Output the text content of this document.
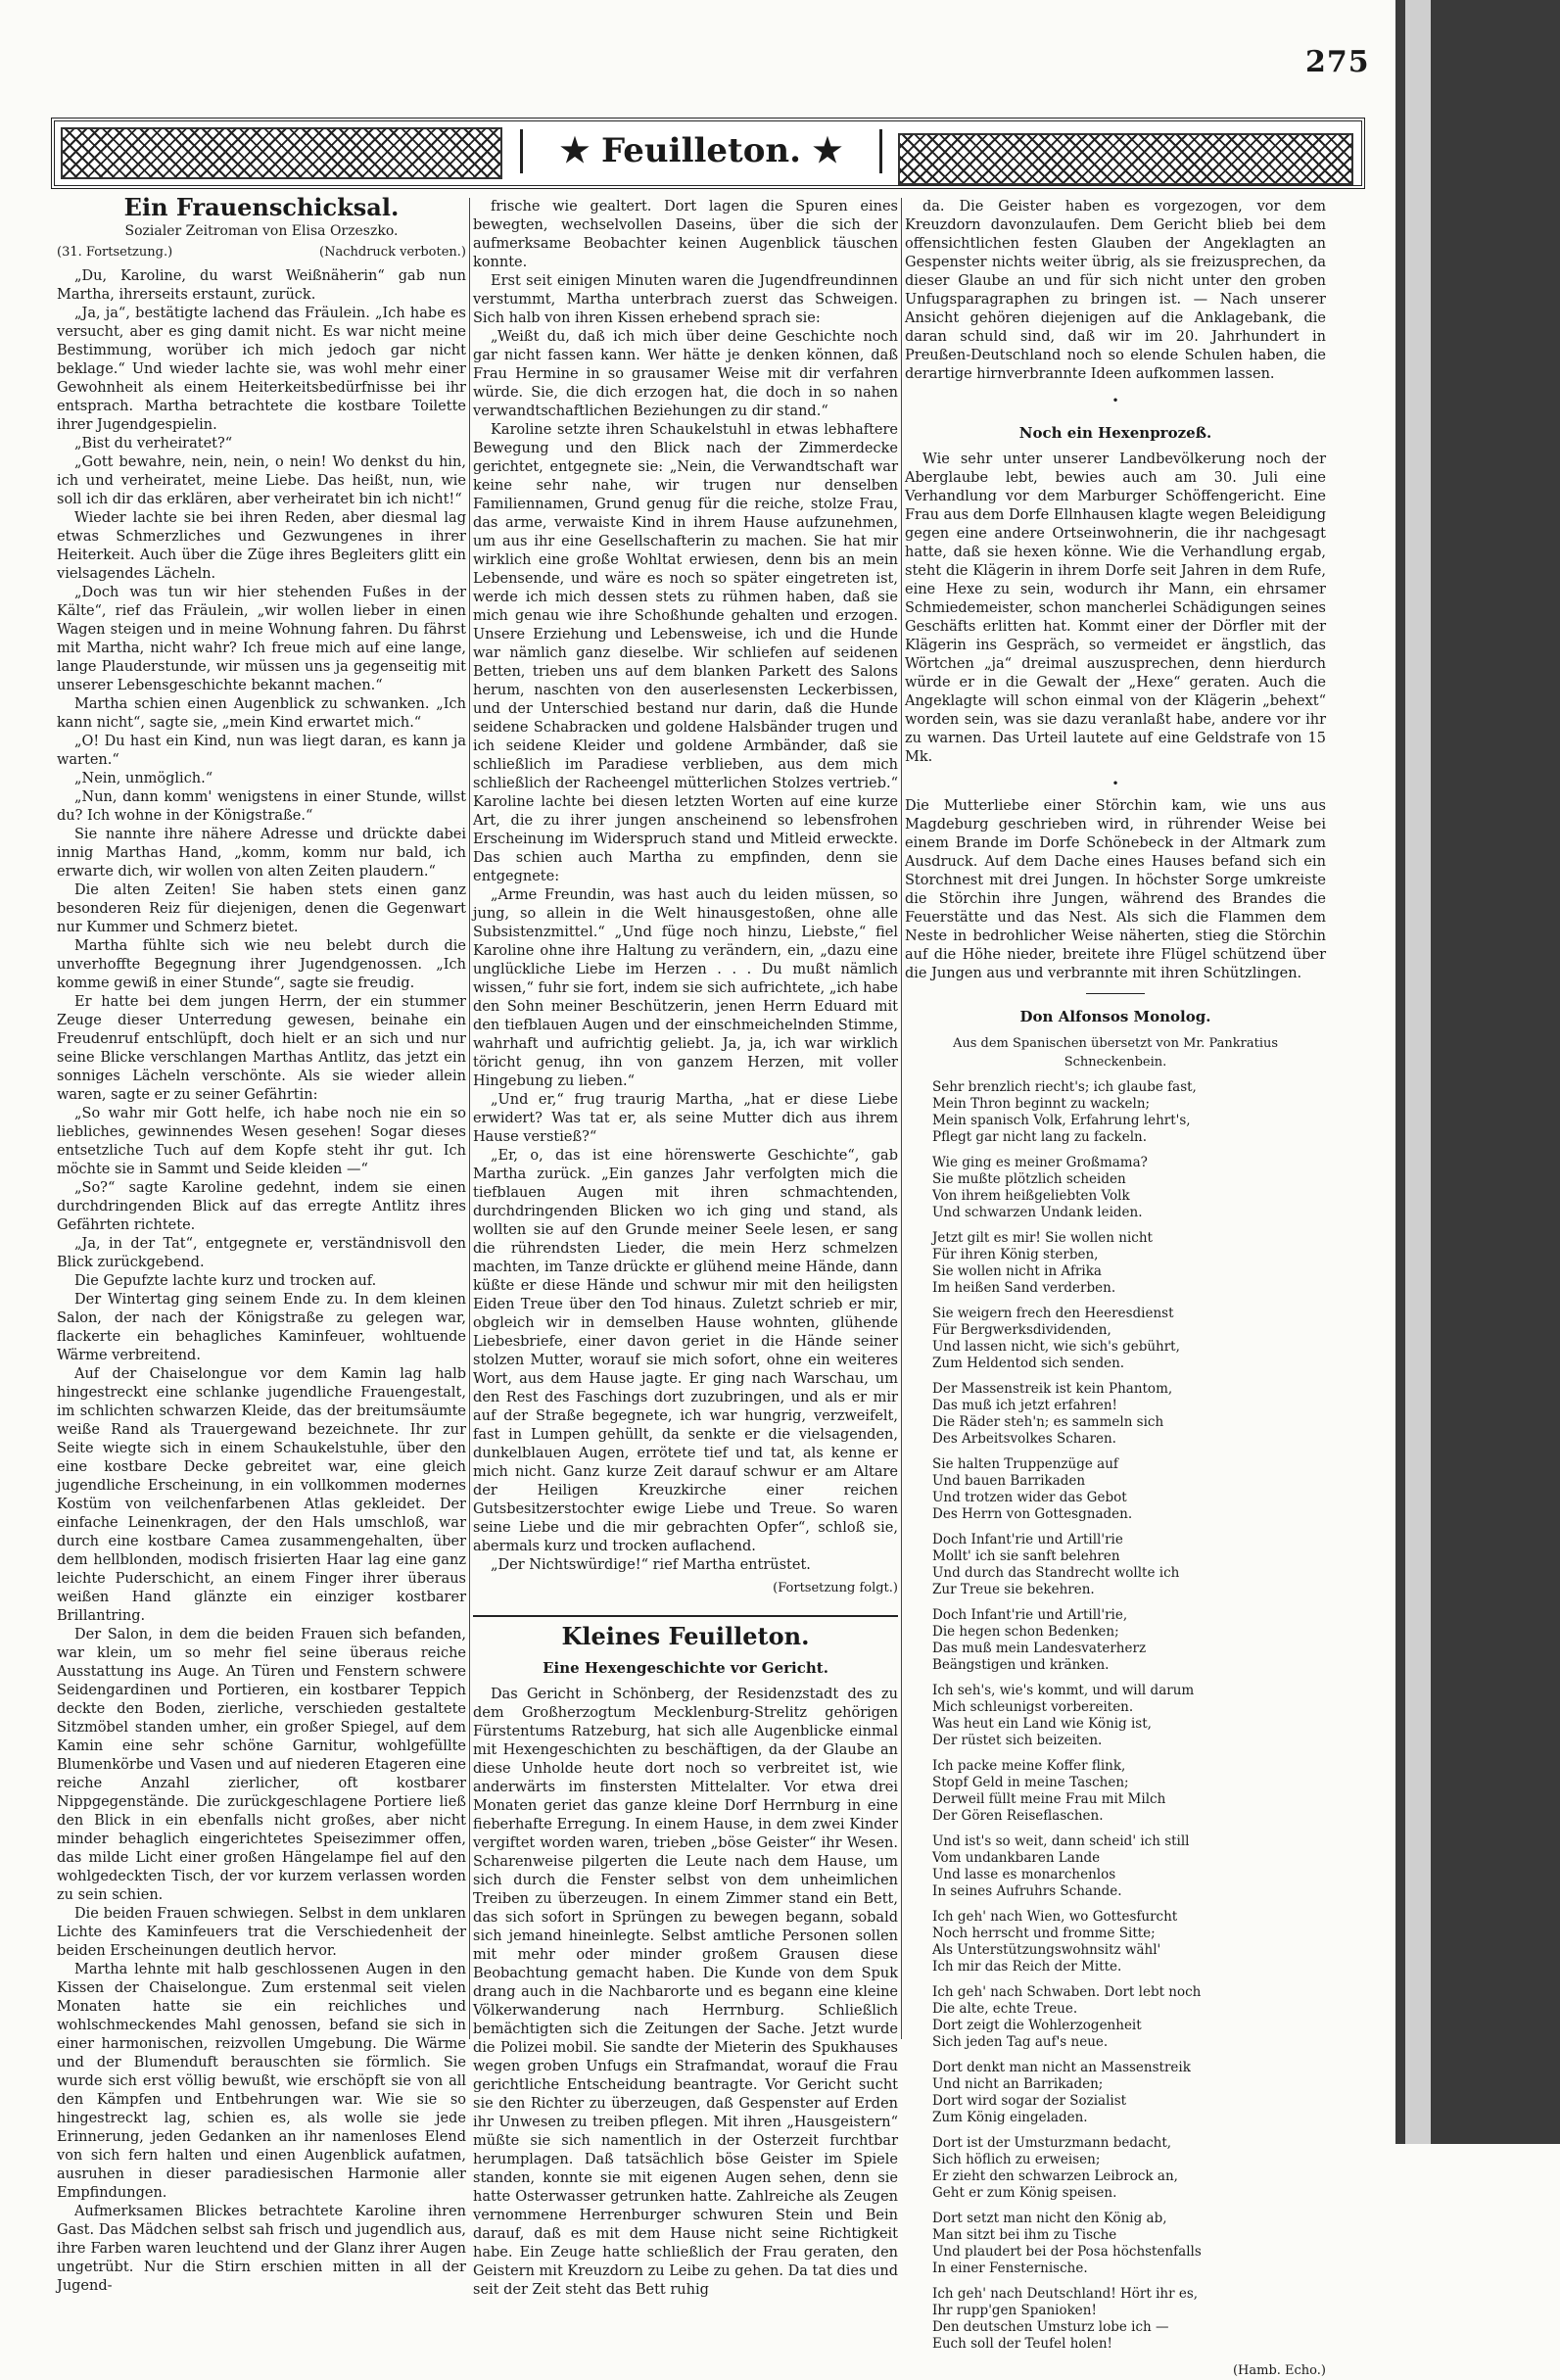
275
★ Feuilleton. ★
Ein Frauenschicksal.
Sozialer Zeitroman von Elisa Orzeszko.
(31. Fortsetzung.)	(Nachdruck verboten.)

„Du, Karoline, du warst Weißnäherin“ gab nun Martha, ihrerseits erstaunt, zurück.

„Ja, ja“, bestätigte lachend das Fräulein. „Ich habe es versucht, aber es ging damit nicht. Es war nicht meine Bestimmung, worüber ich mich jedoch gar nicht beklage.“ Und wieder lachte sie, was wohl mehr einer Gewohnheit als einem Heiterkeitsbedürfnisse bei ihr entsprach. Martha betrachtete die kostbare Toilette ihrer Jugendgespielin.

„Bist du verheiratet?“

„Gott bewahre, nein, nein, o nein! Wo denkst du hin, ich und verheiratet, meine Liebe. Das heißt, nun, wie soll ich dir das erklären, aber verheiratet bin ich nicht!“

Wieder lachte sie bei ihren Reden, aber diesmal lag etwas Schmerzliches und Gezwungenes in ihrer Heiterkeit. Auch über die Züge ihres Begleiters glitt ein vielsagendes Lächeln.

„Doch was tun wir hier stehenden Fußes in der Kälte“, rief das Fräulein, „wir wollen lieber in einen Wagen steigen und in meine Wohnung fahren. Du fährst mit Martha, nicht wahr? Ich freue mich auf eine lange, lange Plauderstunde, wir müssen uns ja gegenseitig mit unserer Lebensgeschichte bekannt machen.“

Martha schien einen Augenblick zu schwanken. „Ich kann nicht“, sagte sie, „mein Kind erwartet mich.“

„O! Du hast ein Kind, nun was liegt daran, es kann ja warten.“

„Nein, unmöglich.“

„Nun, dann komm' wenigstens in einer Stunde, willst du? Ich wohne in der Königstraße.“

Sie nannte ihre nähere Adresse und drückte dabei innig Marthas Hand, „komm, komm nur bald, ich erwarte dich, wir wollen von alten Zeiten plaudern.“

Die alten Zeiten! Sie haben stets einen ganz besonderen Reiz für diejenigen, denen die Gegenwart nur Kummer und Schmerz bietet.

Martha fühlte sich wie neu belebt durch die unverhoffte Begegnung ihrer Jugendgenossen. „Ich komme gewiß in einer Stunde“, sagte sie freudig.

Er hatte bei dem jungen Herrn, der ein stummer Zeuge dieser Unterredung gewesen, beinahe ein Freudenruf entschlüpft, doch hielt er an sich und nur seine Blicke verschlangen Marthas Antlitz, das jetzt ein sonniges Lächeln verschönte. Als sie wieder allein waren, sagte er zu seiner Gefährtin:

„So wahr mir Gott helfe, ich habe noch nie ein so liebliches, gewinnendes Wesen gesehen! Sogar dieses entsetzliche Tuch auf dem Kopfe steht ihr gut. Ich möchte sie in Sammt und Seide kleiden —“

„So?“ sagte Karoline gedehnt, indem sie einen durchdringenden Blick auf das erregte Antlitz ihres Gefährten richtete.

„Ja, in der Tat“, entgegnete er, verständnisvoll den Blick zurückgebend.

Die Gepufzte lachte kurz und trocken auf.

Der Wintertag ging seinem Ende zu. In dem kleinen Salon, der nach der Königstraße zu gelegen war, flackerte ein behagliches Kaminfeuer, wohltuende Wärme verbreitend.

Auf der Chaiselongue vor dem Kamin lag halb hingestreckt eine schlanke jugendliche Frauengestalt, im schlichten schwarzen Kleide, das der breitumsäumte weiße Rand als Trauergewand bezeichnete. Ihr zur Seite wiegte sich in einem Schaukelstuhle, über den eine kostbare Decke gebreitet war, eine gleich jugendliche Erscheinung, in ein vollkommen modernes Kostüm von veilchenfarbenen Atlas gekleidet. Der einfache Leinenkragen, der den Hals umschloß, war durch eine kostbare Camea zusammengehalten, über dem hellblonden, modisch frisierten Haar lag eine ganz leichte Puderschicht, an einem Finger ihrer überaus weißen Hand glänzte ein einziger kostbarer Brillantring.

Der Salon, in dem die beiden Frauen sich befanden, war klein, um so mehr fiel seine überaus reiche Ausstattung ins Auge. An Türen und Fenstern schwere Seidengardinen und Portieren, ein kostbarer Teppich deckte den Boden, zierliche, verschieden gestaltete Sitzmöbel standen umher, ein großer Spiegel, auf dem Kamin eine sehr schöne Garnitur, wohlgefüllte Blumenkörbe und Vasen und auf niederen Etageren eine reiche Anzahl zierlicher, oft kostbarer Nippgegenstände. Die zurückgeschlagene Portiere ließ den Blick in ein ebenfalls nicht großes, aber nicht minder behaglich eingerichtetes Speisezimmer offen, das milde Licht einer großen Hängelampe fiel auf den wohlgedeckten Tisch, der vor kurzem verlassen worden zu sein schien.

Die beiden Frauen schwiegen. Selbst in dem unklaren Lichte des Kaminfeuers trat die Verschiedenheit der beiden Erscheinungen deutlich hervor.

Martha lehnte mit halb geschlossenen Augen in den Kissen der Chaiselongue. Zum erstenmal seit vielen Monaten hatte sie ein reichliches und wohlschmeckendes Mahl genossen, befand sie sich in einer harmonischen, reizvollen Umgebung. Die Wärme und der Blumenduft berauschten sie förmlich. Sie wurde sich erst völlig bewußt, wie erschöpft sie von all den Kämpfen und Entbehrungen war. Wie sie so hingestreckt lag, schien es, als wolle sie jede Erinnerung, jeden Gedanken an ihr namenloses Elend von sich fern halten und einen Augenblick aufatmen, ausruhen in dieser paradiesischen Harmonie aller Empfindungen.

Aufmerksamen Blickes betrachtete Karoline ihren Gast. Das Mädchen selbst sah frisch und jugendlich aus, ihre Farben waren leuchtend und der Glanz ihrer Augen ungetrübt. Nur die Stirn erschien mitten in all der Jugend-

frische wie gealtert. Dort lagen die Spuren eines bewegten, wechselvollen Daseins, über die sich der aufmerksame Beobachter keinen Augenblick täuschen konnte.

Erst seit einigen Minuten waren die Jugendfreundinnen verstummt, Martha unterbrach zuerst das Schweigen. Sich halb von ihren Kissen erhebend sprach sie:

„Weißt du, daß ich mich über deine Geschichte noch gar nicht fassen kann. Wer hätte je denken können, daß Frau Hermine in so grausamer Weise mit dir verfahren würde. Sie, die dich erzogen hat, die doch in so nahen verwandtschaftlichen Beziehungen zu dir stand.“

Karoline setzte ihren Schaukelstuhl in etwas lebhaftere Bewegung und den Blick nach der Zimmerdecke gerichtet, entgegnete sie: „Nein, die Verwandtschaft war keine sehr nahe, wir trugen nur denselben Familiennamen, Grund genug für die reiche, stolze Frau, das arme, verwaiste Kind in ihrem Hause aufzunehmen, um aus ihr eine Gesellschafterin zu machen. Sie hat mir wirklich eine große Wohltat erwiesen, denn bis an mein Lebensende, und wäre es noch so später eingetreten ist, werde ich mich dessen stets zu rühmen haben, daß sie mich genau wie ihre Schoßhunde gehalten und erzogen. Unsere Erziehung und Lebensweise, ich und die Hunde war nämlich ganz dieselbe. Wir schliefen auf seidenen Betten, trieben uns auf dem blanken Parkett des Salons herum, naschten von den auserlesensten Leckerbissen, und der Unterschied bestand nur darin, daß die Hunde seidene Schabracken und goldene Halsbänder trugen und ich seidene Kleider und goldene Armbänder, daß sie schließlich im Paradiese verblieben, aus dem mich schließlich der Racheengel mütterlichen Stolzes vertrieb.“ Karoline lachte bei diesen letzten Worten auf eine kurze Art, die zu ihrer jungen anscheinend so lebensfrohen Erscheinung im Widerspruch stand und Mitleid erweckte. Das schien auch Martha zu empfinden, denn sie entgegnete:

„Arme Freundin, was hast auch du leiden müssen, so jung, so allein in die Welt hinausgestoßen, ohne alle Subsistenzmittel.“ „Und füge noch hinzu, Liebste,“ fiel Karoline ohne ihre Haltung zu verändern, ein, „dazu eine unglückliche Liebe im Herzen . . . Du mußt nämlich wissen,“ fuhr sie fort, indem sie sich aufrichtete, „ich habe den Sohn meiner Beschützerin, jenen Herrn Eduard mit den tiefblauen Augen und der einschmeichelnden Stimme, wahrhaft und aufrichtig geliebt. Ja, ja, ich war wirklich töricht genug, ihn von ganzem Herzen, mit voller Hingebung zu lieben.“

„Und er,“ frug traurig Martha, „hat er diese Liebe erwidert? Was tat er, als seine Mutter dich aus ihrem Hause verstieß?“

„Er, o, das ist eine hörenswerte Geschichte“, gab Martha zurück. „Ein ganzes Jahr verfolgten mich die tiefblauen Augen mit ihren schmachtenden, durchdringenden Blicken wo ich ging und stand, als wollten sie auf den Grunde meiner Seele lesen, er sang die rührendsten Lieder, die mein Herz schmelzen machten, im Tanze drückte er glühend meine Hände, dann küßte er diese Hände und schwur mir mit den heiligsten Eiden Treue über den Tod hinaus. Zuletzt schrieb er mir, obgleich wir in demselben Hause wohnten, glühende Liebesbriefe, einer davon geriet in die Hände seiner stolzen Mutter, worauf sie mich sofort, ohne ein weiteres Wort, aus dem Hause jagte. Er ging nach Warschau, um den Rest des Faschings dort zuzubringen, und als er mir auf der Straße begegnete, ich war hungrig, verzweifelt, fast in Lumpen gehüllt, da senkte er die vielsagenden, dunkelblauen Augen, errötete tief und tat, als kenne er mich nicht. Ganz kurze Zeit darauf schwur er am Altare der Heiligen Kreuzkirche einer reichen Gutsbesitzerstochter ewige Liebe und Treue. So waren seine Liebe und die mir gebrachten Opfer“, schloß sie, abermals kurz und trocken auflachend.

„Der Nichtswürdige!“ rief Martha entrüstet.

(Fortsetzung folgt.)
Kleines Feuilleton.
Eine Hexengeschichte vor Gericht.

Das Gericht in Schönberg, der Residenzstadt des zu dem Großherzogtum Mecklenburg-Strelitz gehörigen Fürstentums Ratzeburg, hat sich alle Augenblicke einmal mit Hexengeschichten zu beschäftigen, da der Glaube an diese Unholde heute dort noch so verbreitet ist, wie anderwärts im finstersten Mittelalter. Vor etwa drei Monaten geriet das ganze kleine Dorf Herrnburg in eine fieberhafte Erregung. In einem Hause, in dem zwei Kinder vergiftet worden waren, trieben „böse Geister“ ihr Wesen. Scharenweise pilgerten die Leute nach dem Hause, um sich durch die Fenster selbst von dem unheimlichen Treiben zu überzeugen. In einem Zimmer stand ein Bett, das sich sofort in Sprüngen zu bewegen begann, sobald sich jemand hineinlegte. Selbst amtliche Personen sollen mit mehr oder minder großem Grausen diese Beobachtung gemacht haben. Die Kunde von dem Spuk drang auch in die Nachbarorte und es begann eine kleine Völkerwanderung nach Herrnburg. Schließlich bemächtigten sich die Zeitungen der Sache. Jetzt wurde die Polizei mobil. Sie sandte der Mieterin des Spukhauses wegen groben Unfugs ein Strafmandat, worauf die Frau gerichtliche Entscheidung beantragte. Vor Gericht sucht sie den Richter zu überzeugen, daß Gespenster auf Erden ihr Unwesen zu treiben pflegen. Mit ihren „Hausgeistern“ müßte sie sich namentlich in der Osterzeit furchtbar herumplagen. Daß tatsächlich böse Geister im Spiele standen, konnte sie mit eigenen Augen sehen, denn sie hatte Osterwasser getrunken hatte. Zahlreiche als Zeugen vernommene Herrenburger schwuren Stein und Bein darauf, daß es mit dem Hause nicht seine Richtigkeit habe. Ein Zeuge hatte schließlich der Frau geraten, den Geistern mit Kreuzdorn zu Leibe zu gehen. Da tat dies und seit der Zeit steht das Bett ruhig

da. Die Geister haben es vorgezogen, vor dem Kreuzdorn davonzulaufen. Dem Gericht blieb bei dem offensichtlichen festen Glauben der Angeklagten an Gespenster nichts weiter übrig, als sie freizusprechen, da dieser Glaube an und für sich nicht unter den groben Unfugsparagraphen zu bringen ist. — Nach unserer Ansicht gehören diejenigen auf die Anklagebank, die daran schuld sind, daß wir im 20. Jahrhundert in Preußen-Deutschland noch so elende Schulen haben, die derartige hirnverbrannte Ideen aufkommen lassen.

•
Noch ein Hexenprozeß.

Wie sehr unter unserer Landbevölkerung noch der Aberglaube lebt, bewies auch am 30. Juli eine Verhandlung vor dem Marburger Schöffengericht. Eine Frau aus dem Dorfe Ellnhausen klagte wegen Beleidigung gegen eine andere Ortseinwohnerin, die ihr nachgesagt hatte, daß sie hexen könne. Wie die Verhandlung ergab, steht die Klägerin in ihrem Dorfe seit Jahren in dem Rufe, eine Hexe zu sein, wodurch ihr Mann, ein ehrsamer Schmiedemeister, schon mancherlei Schädigungen seines Geschäfts erlitten hat. Kommt einer der Dörfler mit der Klägerin ins Gespräch, so vermeidet er ängstlich, das Wörtchen „ja“ dreimal auszusprechen, denn hierdurch würde er in die Gewalt der „Hexe“ geraten. Auch die Angeklagte will schon einmal von der Klägerin „behext“ worden sein, was sie dazu veranlaßt habe, andere vor ihr zu warnen. Das Urteil lautete auf eine Geldstrafe von 15 Mk.

•

Die Mutterliebe einer Störchin kam, wie uns aus Magdeburg geschrieben wird, in rührender Weise bei einem Brande im Dorfe Schönebeck in der Altmark zum Ausdruck. Auf dem Dache eines Hauses befand sich ein Storchnest mit drei Jungen. In höchster Sorge umkreiste die Störchin ihre Jungen, während des Brandes die Feuerstätte und das Nest. Als sich die Flammen dem Neste in bedrohlicher Weise näherten, stieg die Störchin auf die Höhe nieder, breitete ihre Flügel schützend über die Jungen aus und verbrannte mit ihren Schützlingen.

Don Alfonsos Monolog.
Aus dem Spanischen übersetzt von Mr. Pankratius Schneckenbein.
Sehr brenzlich riecht's; ich glaube fast,
Mein Thron beginnt zu wackeln;
Mein spanisch Volk, Erfahrung lehrt's,
Pflegt gar nicht lang zu fackeln.
Wie ging es meiner Großmama?
Sie mußte plötzlich scheiden
Von ihrem heißgeliebten Volk
Und schwarzen Undank leiden.
Jetzt gilt es mir! Sie wollen nicht
Für ihren König sterben,
Sie wollen nicht in Afrika
Im heißen Sand verderben.
Sie weigern frech den Heeresdienst
Für Bergwerksdividenden,
Und lassen nicht, wie sich's gebührt,
Zum Heldentod sich senden.
Der Massenstreik ist kein Phantom,
Das muß ich jetzt erfahren!
Die Räder steh'n; es sammeln sich
Des Arbeitsvolkes Scharen.
Sie halten Truppenzüge auf
Und bauen Barrikaden
Und trotzen wider das Gebot
Des Herrn von Gottesgnaden.
Doch Infant'rie und Artill'rie
Mollt' ich sie sanft belehren
Und durch das Standrecht wollte ich
Zur Treue sie bekehren.
Doch Infant'rie und Artill'rie,
Die hegen schon Bedenken;
Das muß mein Landesvaterherz
Beängstigen und kränken.
Ich seh's, wie's kommt, und will darum
Mich schleunigst vorbereiten.
Was heut ein Land wie König ist,
Der rüstet sich beizeiten.
Ich packe meine Koffer flink,
Stopf Geld in meine Taschen;
Derweil füllt meine Frau mit Milch
Der Gören Reiseflaschen.
Und ist's so weit, dann scheid' ich still
Vom undankbaren Lande
Und lasse es monarchenlos
In seines Aufruhrs Schande.
Ich geh' nach Wien, wo Gottesfurcht
Noch herrscht und fromme Sitte;
Als Unterstützungswohnsitz wähl'
Ich mir das Reich der Mitte.
Ich geh' nach Schwaben. Dort lebt noch
Die alte, echte Treue.
Dort zeigt die Wohlerzogenheit
Sich jeden Tag auf's neue.
Dort denkt man nicht an Massenstreik
Und nicht an Barrikaden;
Dort wird sogar der Sozialist
Zum König eingeladen.
Dort ist der Umsturzmann bedacht,
Sich höflich zu erweisen;
Er zieht den schwarzen Leibrock an,
Geht er zum König speisen.
Dort setzt man nicht den König ab,
Man sitzt bei ihm zu Tische
Und plaudert bei der Posa höchstenfalls
In einer Fensternische.
Ich geh' nach Deutschland! Hört ihr es,
Ihr rupp'gen Spanioken!
Den deutschen Umsturz lobe ich —
Euch soll der Teufel holen!
(Hamb. Echo.)
